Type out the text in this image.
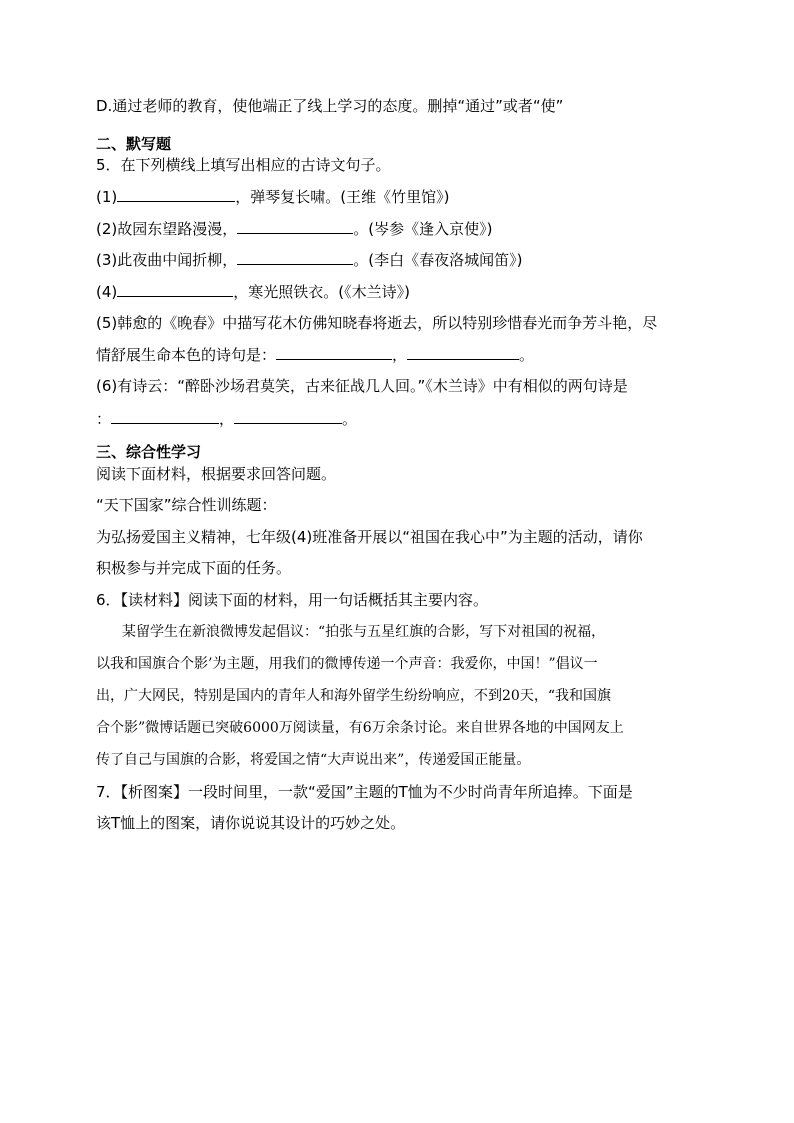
D.通过老师的教育，使他端正了线上学习的态度。删掉“通过”或者“使”
二、默写题
5．在下列横线上填写出相应的古诗文句子。
(1)	，弹琴复长啸。(王维《竹里馆》)
(2)故园东望路漫漫，	。(岑参《逢入京使》)
(3)此夜曲中闻折柳，	。(李白《春夜洛城闻笛》)
(4)	，寒光照铁衣。(《木兰诗》)
(5)韩愈的《晚春》中描写花木仿佛知晓春将逝去，所以特别珍惜春光而争芳斗艳，尽
情舒展生命本色的诗句是：	，	。
(6)有诗云：“醉卧沙场君莫笑，古来征战几人回。”《木兰诗》中有相似的两句诗是
：	，	。
三、综合性学习
阅读下面材料，根据要求回答问题。
“天下国家”综合性训练题：
为弘扬爱国主义精神，七年级(4)班准备开展以“祖国在我心中”为主题的活动，请你
积极参与并完成下面的任务。
6．【读材料】阅读下面的材料，用一句话概括其主要内容。
某留学生在新浪微博发起倡议：“拍张与五星红旗的合影，写下对祖国的祝福，
以我和国旗合个影’为主题，用我们的微博传递一个声音：我爱你，中国！”倡议一
出，广大网民，特别是国内的青年人和海外留学生纷纷响应，不到20天，“我和国旗
合个影”微博话题已突破6000万阅读量，有6万余条讨论。来自世界各地的中国网友上
传了自己与国旗的合影，将爱国之情“大声说出来”，传递爱国正能量。
7．【析图案】一段时间里，一款“爱国”主题的T恤为不少时尚青年所追捧。下面是
该T恤上的图案，请你说说其设计的巧妙之处。
